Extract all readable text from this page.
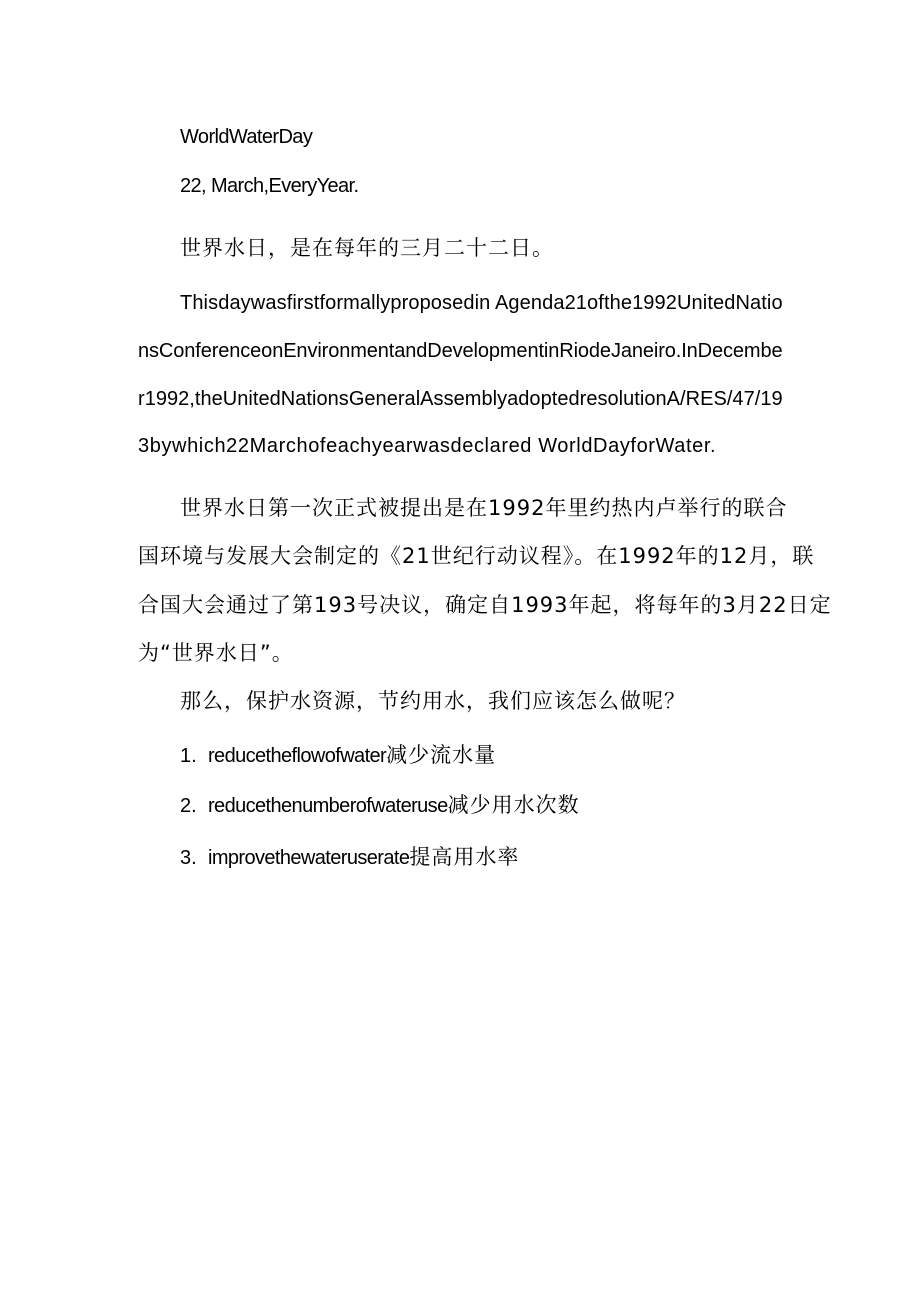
WorldWaterDay
22, March,EveryYear.
世界水日，是在每年的三月二十二日。
Thisdaywasfirstformallyproposedin Agenda21ofthe1992UnitedNatio
nsConferenceonEnvironmentandDevelopmentinRiodeJaneiro.InDecembe
r1992,theUnitedNationsGeneralAssemblyadoptedresolutionA/RES/47/19
3bywhich22Marchofeachyearwasdeclared WorldDayforWater.
世界水日第一次正式被提出是在1992年里约热内卢举行的联合
国环境与发展大会制定的《21世纪行动议程》。在1992年的12月，联
合国大会通过了第193号决议，确定自1993年起，将每年的3月22日定
为“世界水日”。
那么，保护水资源，节约用水，我们应该怎么做呢？
1. reducetheflowofwater减少流水量
2. reducethenumberofwateruse减少用水次数
3. improvethewateruserate提高用水率
